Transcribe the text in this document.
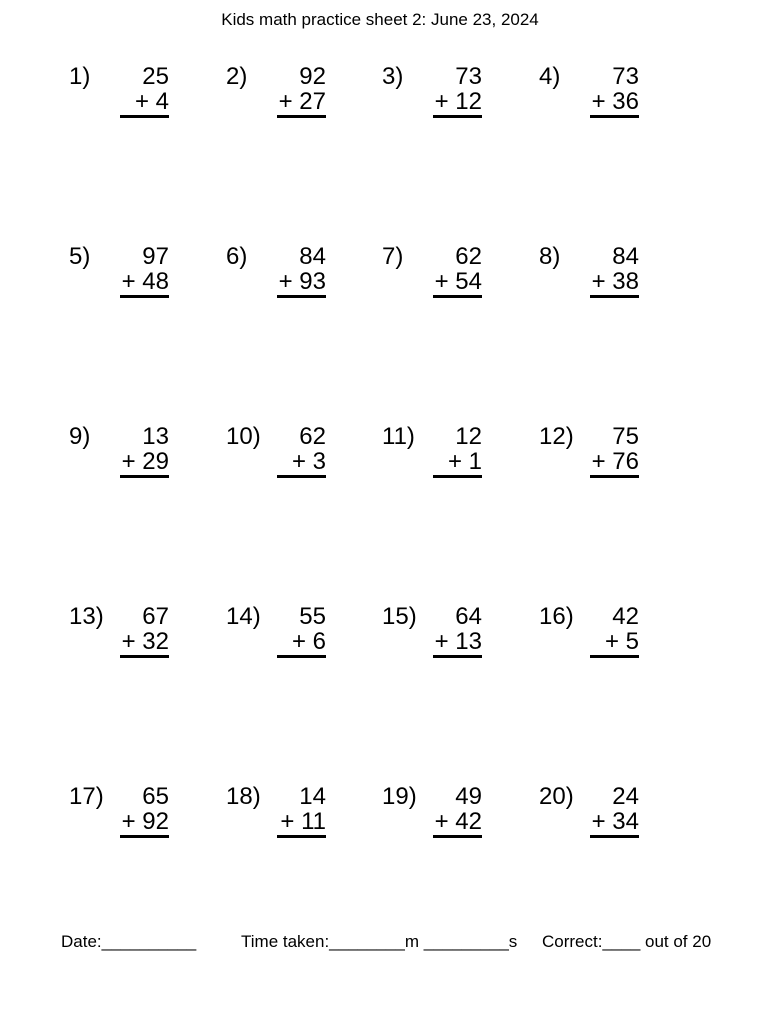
Kids math practice sheet 2: June 23, 2024
1) 25
+ 4
2) 92
+ 27
3) 73
+ 12
4) 73
+ 36
5) 97
+ 48
6) 84
+ 93
7) 62
+ 54
8) 84
+ 38
9) 13
+ 29
10) 62
+ 3
11) 12
+ 1
12) 75
+ 76
13) 67
+ 32
14) 55
+ 6
15) 64
+ 13
16) 42
+ 5
17) 65
+ 92
18) 14
+ 11
19) 49
+ 42
20) 24
+ 34
Date:__________	Time taken:________m _________s Correct:____ out of 20
